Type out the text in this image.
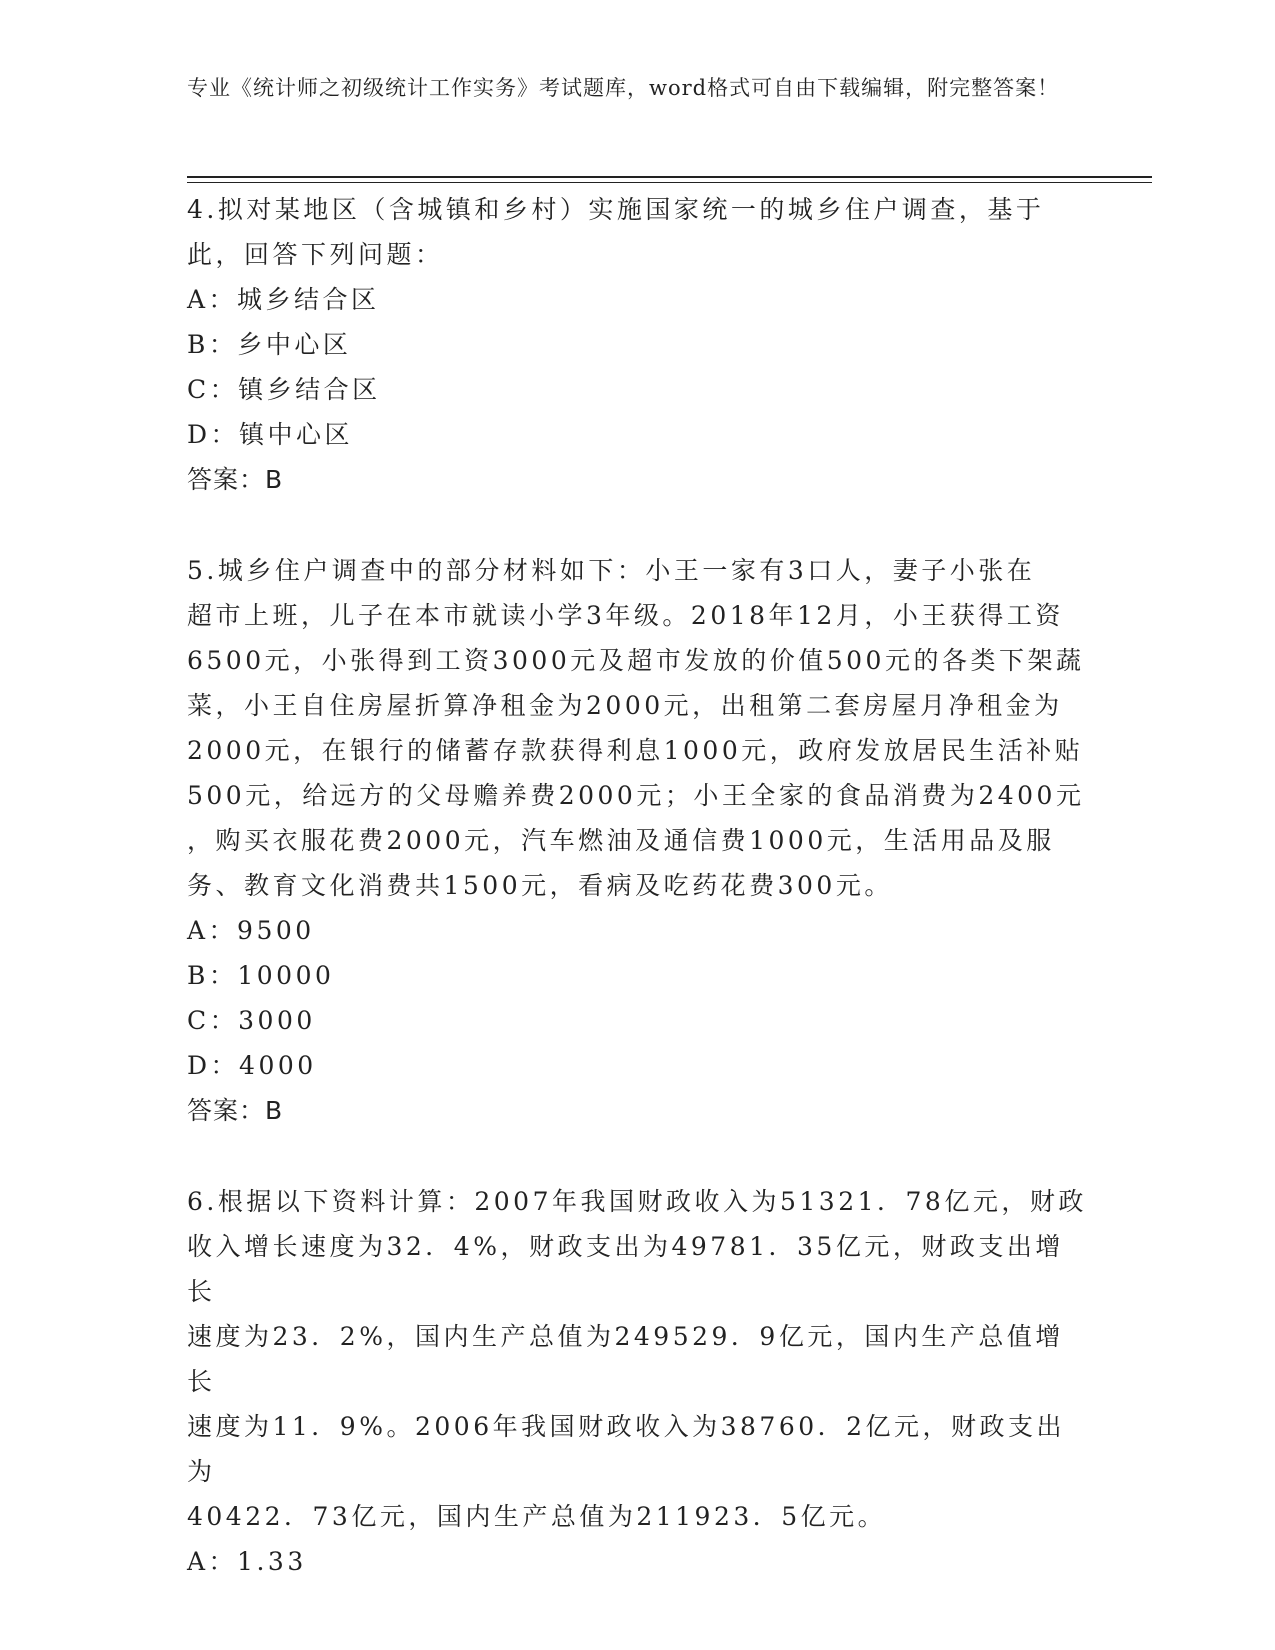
专业《统计师之初级统计工作实务》考试题库，word格式可自由下载编辑，附完整答案！

4.拟对某地区（含城镇和乡村）实施国家统一的城乡住户调查，基于

此，回答下列问题：

A：城乡结合区

B：乡中心区

C：镇乡结合区

D：镇中心区

答案：B

5.城乡住户调查中的部分材料如下：小王一家有3口人，妻子小张在

超市上班，儿子在本市就读小学3年级。2018年12月，小王获得工资

6500元，小张得到工资3000元及超市发放的价值500元的各类下架蔬

菜，小王自住房屋折算净租金为2000元，出租第二套房屋月净租金为

2000元，在银行的储蓄存款获得利息1000元，政府发放居民生活补贴

500元，给远方的父母赡养费2000元；小王全家的食品消费为2400元

，购买衣服花费2000元，汽车燃油及通信费1000元，生活用品及服

务、教育文化消费共1500元，看病及吃药花费300元。

A：9500

B：10000

C：3000

D：4000

答案：B

6.根据以下资料计算：2007年我国财政收入为51321．78亿元，财政

收入增长速度为32．4%，财政支出为49781．35亿元，财政支出增长

速度为23．2%，国内生产总值为249529．9亿元，国内生产总值增长

速度为11．9%。2006年我国财政收入为38760．2亿元，财政支出为

40422．73亿元，国内生产总值为211923．5亿元。

A：1.33
